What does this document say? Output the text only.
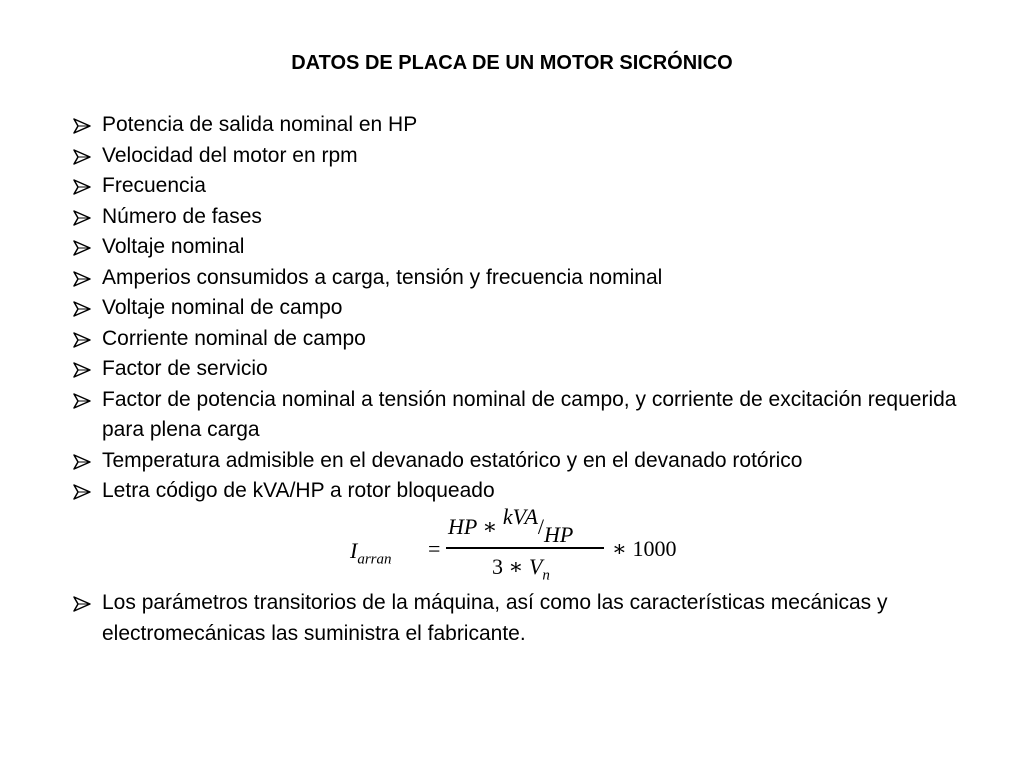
DATOS DE PLACA DE UN MOTOR SICRÓNICO
Potencia de salida nominal en HP
Velocidad del motor en rpm
Frecuencia
Número de fases
Voltaje nominal
Amperios consumidos a carga, tensión y frecuencia nominal
Voltaje nominal de campo
Corriente nominal de campo
Factor de servicio
Factor de potencia nominal a tensión nominal de campo, y corriente de excitación requerida para plena carga
Temperatura admisible en el devanado estatórico y en el devanado rotórico
Letra código de kVA/HP a rotor bloqueado
$I_{arran}$ =
HP ∗ kVA/HP
3 ∗ $V_n$
∗ 1000
Los parámetros transitorios de la máquina, así como las características mecánicas y electromecánicas las suministra el fabricante.
